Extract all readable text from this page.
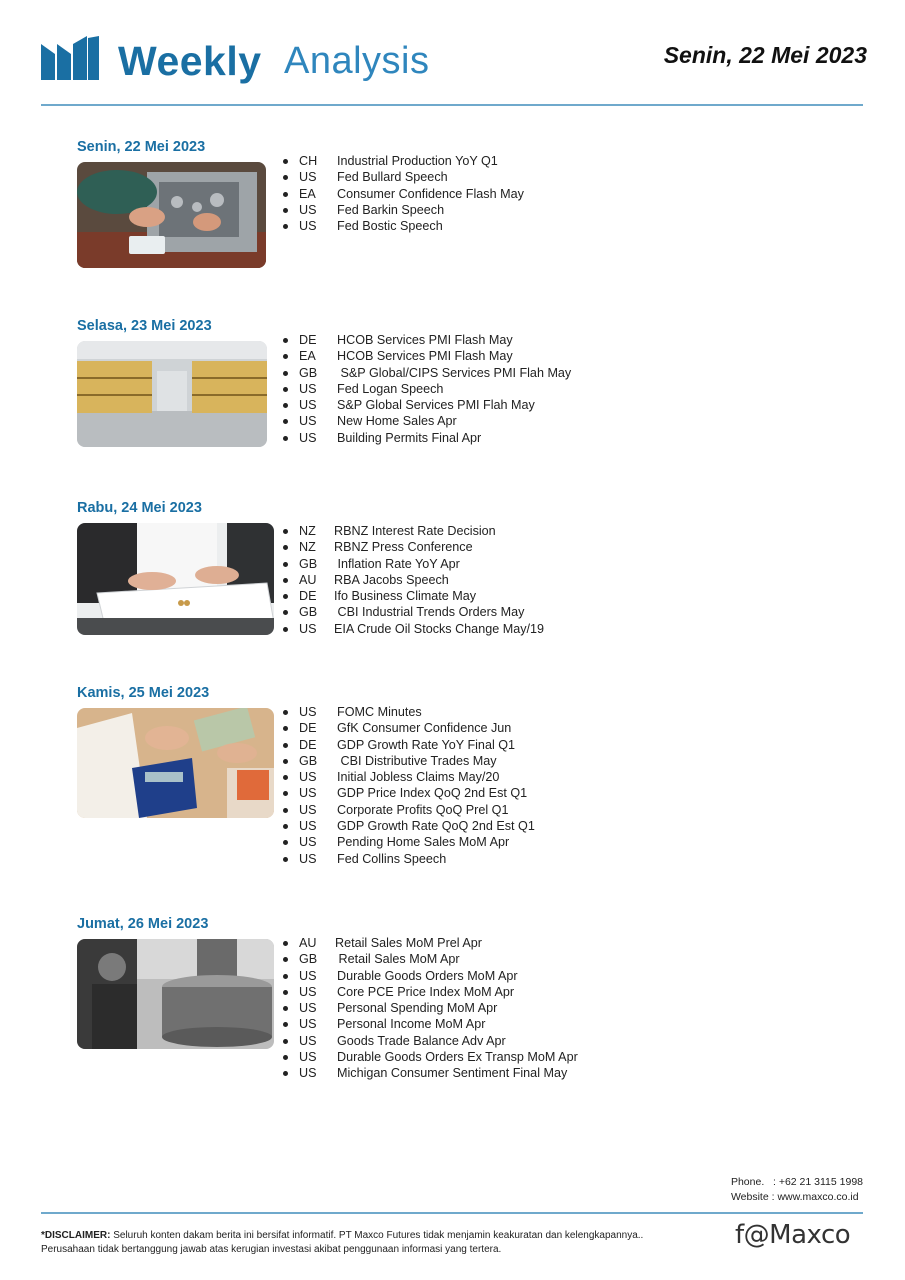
Weekly Analysis	Senin, 22 Mei 2023
Senin, 22 Mei 2023
CH Industrial Production YoY Q1
US Fed Bullard Speech
EA Consumer Confidence Flash May
US Fed Barkin Speech
US Fed Bostic Speech
Selasa, 23 Mei 2023
DE HCOB Services PMI Flash May
EA HCOB Services PMI Flash May
GB S&P Global/CIPS Services PMI Flah May
US Fed Logan Speech
US S&P Global Services PMI Flah May
US New Home Sales Apr
US Building Permits Final Apr
Rabu, 24 Mei 2023
NZ RBNZ Interest Rate Decision
NZ RBNZ Press Conference
GB Inflation Rate YoY Apr
AU RBA Jacobs Speech
DE Ifo Business Climate May
GB CBI Industrial Trends Orders May
US EIA Crude Oil Stocks Change May/19
Kamis, 25 Mei 2023
US FOMC Minutes
DE GfK Consumer Confidence Jun
DE GDP Growth Rate YoY Final Q1
GB CBI Distributive Trades May
US Initial Jobless Claims May/20
US GDP Price Index QoQ 2nd Est Q1
US Corporate Profits QoQ Prel Q1
US GDP Growth Rate QoQ 2nd Est Q1
US Pending Home Sales MoM Apr
US Fed Collins Speech
Jumat, 26 Mei 2023
AU Retail Sales MoM Prel Apr
GB Retail Sales MoM Apr
US Durable Goods Orders MoM Apr
US Core PCE Price Index MoM Apr
US Personal Spending MoM Apr
US Personal Income MoM Apr
US Goods Trade Balance Adv Apr
US Durable Goods Orders Ex Transp MoM Apr
US Michigan Consumer Sentiment Final May
Phone.   : +62 21 3115 1998
Website : www.maxco.co.id
*DISCLAIMER: Seluruh konten dakam berita ini bersifat informatif. PT Maxco Futures tidak menjamin keakuratan dan kelengkapannya..
Perusahaan tidak bertanggung jawab atas kerugian investasi akibat penggunaan informasi yang tertera.	f@Maxco
